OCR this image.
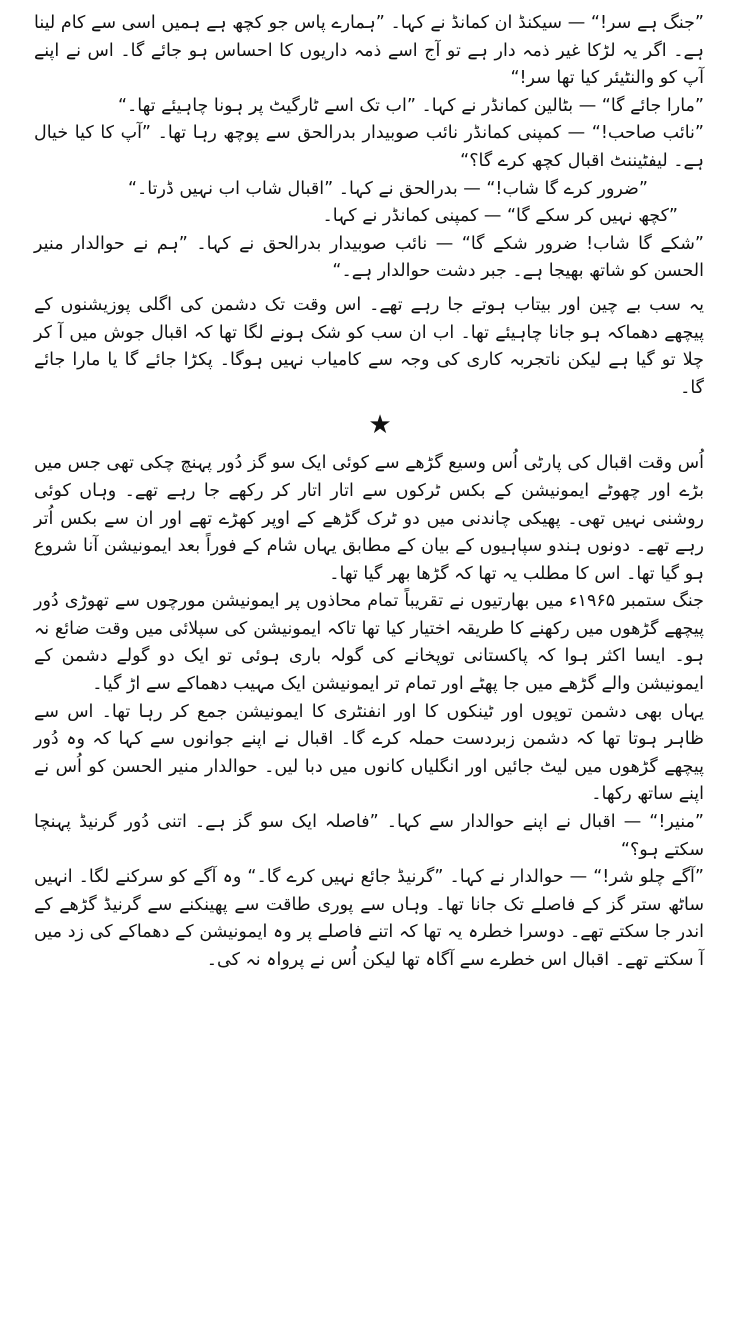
”جنگ ہے سر!“ — سیکنڈ ان کمانڈ نے کہا۔ ”ہمارے پاس جو کچھ ہے ہمیں اسی سے کام لینا ہے۔ اگر یہ لڑکا غیر ذمہ دار ہے تو آج اسے ذمہ داریوں کا احساس ہو جائے گا۔ اس نے اپنے آپ کو والنٹیئر کیا تھا سر!“

”مارا جائے گا“ — بٹالین کمانڈر نے کہا۔ ”اب تک اسے ٹارگیٹ پر ہونا چاہیئے تھا۔“

”نائب صاحب!“ — کمپنی کمانڈر نائب صوبیدار بدرالحق سے پوچھ رہا تھا۔ ”آپ کا کیا خیال ہے۔ لیفٹیننٹ اقبال کچھ کرے گا؟“

”ضرور کرے گا شاب!“ — بدرالحق نے کہا۔ ”اقبال شاب اب نہیں ڈرتا۔“

”کچھ نہیں کر سکے گا“ — کمپنی کمانڈر نے کہا۔

”شکے گا شاب! ضرور شکے گا“ — نائب صوبیدار بدرالحق نے کہا۔ ”ہم نے حوالدار منیر الحسن کو شاتھ بھیجا ہے۔ جبر دشت حوالدار ہے۔“

یہ سب بے چین اور بیتاب ہوتے جا رہے تھے۔ اس وقت تک دشمن کی اگلی پوزیشنوں کے پیچھے دھماکہ ہو جانا چاہیئے تھا۔ اب ان سب کو شک ہونے لگا تھا کہ اقبال جوش میں آ کر چلا تو گیا ہے لیکن ناتجربہ کاری کی وجہ سے کامیاب نہیں ہوگا۔ پکڑا جائے گا یا مارا جائے گا۔

★

اُس وقت اقبال کی پارٹی اُس وسیع گڑھے سے کوئی ایک سو گز دُور پہنچ چکی تھی جس میں بڑے اور چھوٹے ایمونیشن کے بکس ٹرکوں سے اتار اتار کر رکھے جا رہے تھے۔ وہاں کوئی روشنی نہیں تھی۔ پھیکی چاندنی میں دو ٹرک گڑھے کے اوپر کھڑے تھے اور ان سے بکس اُتر رہے تھے۔ دونوں ہندو سپاہیوں کے بیان کے مطابق یہاں شام کے فوراً بعد ایمونیشن آنا شروع ہو گیا تھا۔ اس کا مطلب یہ تھا کہ گڑھا بھر گیا تھا۔

جنگ ستمبر ۱۹۶۵ء میں بھارتیوں نے تقریباً تمام محاذوں پر ایمونیشن مورچوں سے تھوڑی دُور پیچھے گڑھوں میں رکھنے کا طریقہ اختیار کیا تھا تاکہ ایمونیشن کی سپلائی میں وقت ضائع نہ ہو۔ ایسا اکثر ہوا کہ پاکستانی توپخانے کی گولہ باری ہوئی تو ایک دو گولے دشمن کے ایمونیشن والے گڑھے میں جا پھٹے اور تمام تر ایمونیشن ایک مہیب دھماکے سے اڑ گیا۔

یہاں بھی دشمن توپوں اور ٹینکوں کا اور انفنٹری کا ایمونیشن جمع کر رہا تھا۔ اس سے ظاہر ہوتا تھا کہ دشمن زبردست حملہ کرے گا۔ اقبال نے اپنے جوانوں سے کہا کہ وہ دُور پیچھے گڑھوں میں لیٹ جائیں اور انگلیاں کانوں میں دبا لیں۔ حوالدار منیر الحسن کو اُس نے اپنے ساتھ رکھا۔

”منیر!“ — اقبال نے اپنے حوالدار سے کہا۔ ”فاصلہ ایک سو گز ہے۔ اتنی دُور گرنیڈ پہنچا سکتے ہو؟“

”آگے چلو شر!“ — حوالدار نے کہا۔ ”گرنیڈ جائع نہیں کرے گا۔“ وہ آگے کو سرکنے لگا۔ انہیں ساٹھ ستر گز کے فاصلے تک جانا تھا۔ وہاں سے پوری طاقت سے پھینکنے سے گرنیڈ گڑھے کے اندر جا سکتے تھے۔ دوسرا خطرہ یہ تھا کہ اتنے فاصلے پر وہ ایمونیشن کے دھماکے کی زد میں آ سکتے تھے۔ اقبال اس خطرے سے آگاہ تھا لیکن اُس نے پرواہ نہ کی۔
